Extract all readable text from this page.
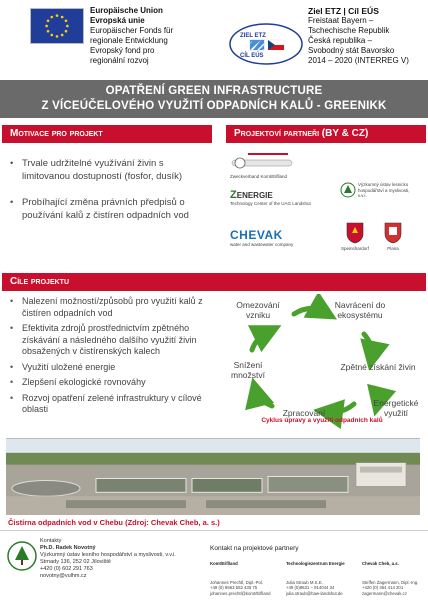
Europäische Union
Evropská unie
Europäischer Fonds für
regionale Entwicklung
Evropský fond pro
regionální rozvoj
ZIEL ETZ
CÍL EÚS
Ziel ETZ | Cíl EÚS
Freistaat Bayern –
Tschechische Republik
Česká republika –
Svobodný stát Bavorsko
2014 – 2020 (INTERREG V)
OPATŘENÍ GREEN INFRASTRUCTURE
Z VÍCEÚČELOVÉHO VYUŽITÍ ODPADNÍCH KALŮ - GREENIKK
Motivace pro projekt	Projektoví partneři (BY & CZ)
• Trvale udržitelné využívání živin s limitovanou dostupností (fosfor, dusík)
• Probíhající změna právních předpisů o používání kalů z čistíren odpadních vod
Zweckverband Komt/Eiflland
ZENERGIE
Technology Center of the UAG Landshut
CHEVAK
water and wastewater company
Výzkumný ústav lesnicko hospodářství a myslivosti, v.v.i.
Speinshardorf	Plana
Cíle projektu
• Nalezení možností/způsobů pro využití kalů z čistíren odpadních vod
• Efektivita zdrojů prostřednictvím zpětného získávání a následného dalšího využití živin obsažených v čistírenských kalech
• Využití uložené energie
• Zlepšení ekologické rovnováhy
• Rozvoj opatření zelené infrastruktury v cílové oblasti
Omezování vzniku
Navrácení do ekosystému
Zpětné získání živin
Energetické využití
Zpracování
Snížení množství
Cyklus úpravy a využití odpadních kalů
Čistírna odpadních vod v Chebu (Zdroj: Chevak Cheb, a. s.)
Kontakty
Ph.D. Radek Novotný
Výzkumný ústav lesního hospodářství a myslivosti, v.v.i.
Strnady 136, 252 02 Jíloviště
+420 (0) 602 291 763
novotny@vulhm.cz
Kontakt na projektové partnery
Komt/Eiflland
Johannes Prechtl, Dipl.-Pol.
+49 (0) 9563 552 435 75
johannes.prechtl@komt/Eiflland
Technologiezentrum Energie
Julia Straub M.S.E.
+49 (0)8631 – 914044 34
julia.straub@haw-landshut.de
Chevak Cheb, a.s.
Steffen Zagermann, Dipl.-Ing.
+420 (0) 354 414 201
zagermann@chevak.cz
